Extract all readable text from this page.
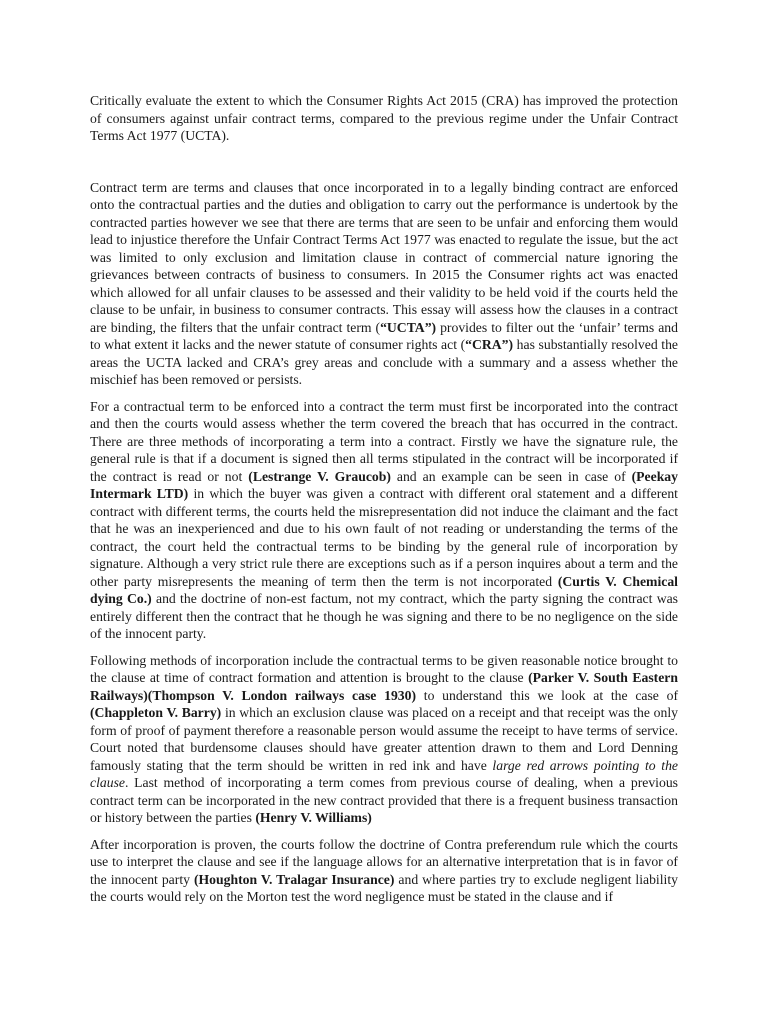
Critically evaluate the extent to which the Consumer Rights Act 2015 (CRA) has improved the protection of consumers against unfair contract terms, compared to the previous regime under the Unfair Contract Terms Act 1977 (UCTA).

Contract term are terms and clauses that once incorporated in to a legally binding contract are enforced onto the contractual parties and the duties and obligation to carry out the performance is undertook by the contracted parties however we see that there are terms that are seen to be unfair and enforcing them would lead to injustice therefore the Unfair Contract Terms Act 1977 was enacted to regulate the issue, but the act was limited to only exclusion and limitation clause in contract of commercial nature ignoring the grievances between contracts of business to consumers. In 2015 the Consumer rights act was enacted which allowed for all unfair clauses to be assessed and their validity to be held void if the courts held the clause to be unfair, in business to consumer contracts. This essay will assess how the clauses in a contract are binding, the filters that the unfair contract term (“UCTA”) provides to filter out the ‘unfair’ terms and to what extent it lacks and the newer statute of consumer rights act (“CRA”) has substantially resolved the areas the UCTA lacked and CRA’s grey areas and conclude with a summary and a assess whether the mischief has been removed or persists.

For a contractual term to be enforced into a contract the term must first be incorporated into the contract and then the courts would assess whether the term covered the breach that has occurred in the contract. There are three methods of incorporating a term into a contract. Firstly we have the signature rule, the general rule is that if a document is signed then all terms stipulated in the contract will be incorporated if the contract is read or not (Lestrange V. Graucob) and an example can be seen in case of (Peekay Intermark LTD) in which the buyer was given a contract with different oral statement and a different contract with different terms, the courts held the misrepresentation did not induce the claimant and the fact that he was an inexperienced and due to his own fault of not reading or understanding the terms of the contract, the court held the contractual terms to be binding by the general rule of incorporation by signature. Although a very strict rule there are exceptions such as if a person inquires about a term and the other party misrepresents the meaning of term then the term is not incorporated (Curtis V. Chemical dying Co.) and the doctrine of non-est factum, not my contract, which the party signing the contract was entirely different then the contract that he though he was signing and there to be no negligence on the side of the innocent party.

Following methods of incorporation include the contractual terms to be given reasonable notice brought to the clause at time of contract formation and attention is brought to the clause (Parker V. South Eastern Railways)(Thompson V. London railways case 1930) to understand this we look at the case of (Chappleton V. Barry) in which an exclusion clause was placed on a receipt and that receipt was the only form of proof of payment therefore a reasonable person would assume the receipt to have terms of service. Court noted that burdensome clauses should have greater attention drawn to them and Lord Denning famously stating that the term should be written in red ink and have large red arrows pointing to the clause. Last method of incorporating a term comes from previous course of dealing, when a previous contract term can be incorporated in the new contract provided that there is a frequent business transaction or history between the parties (Henry V. Williams)

After incorporation is proven, the courts follow the doctrine of Contra preferendum rule which the courts use to interpret the clause and see if the language allows for an alternative interpretation that is in favor of the innocent party (Houghton V. Tralagar Insurance) and where parties try to exclude negligent liability the courts would rely on the Morton test the word negligence must be stated in the clause and if
